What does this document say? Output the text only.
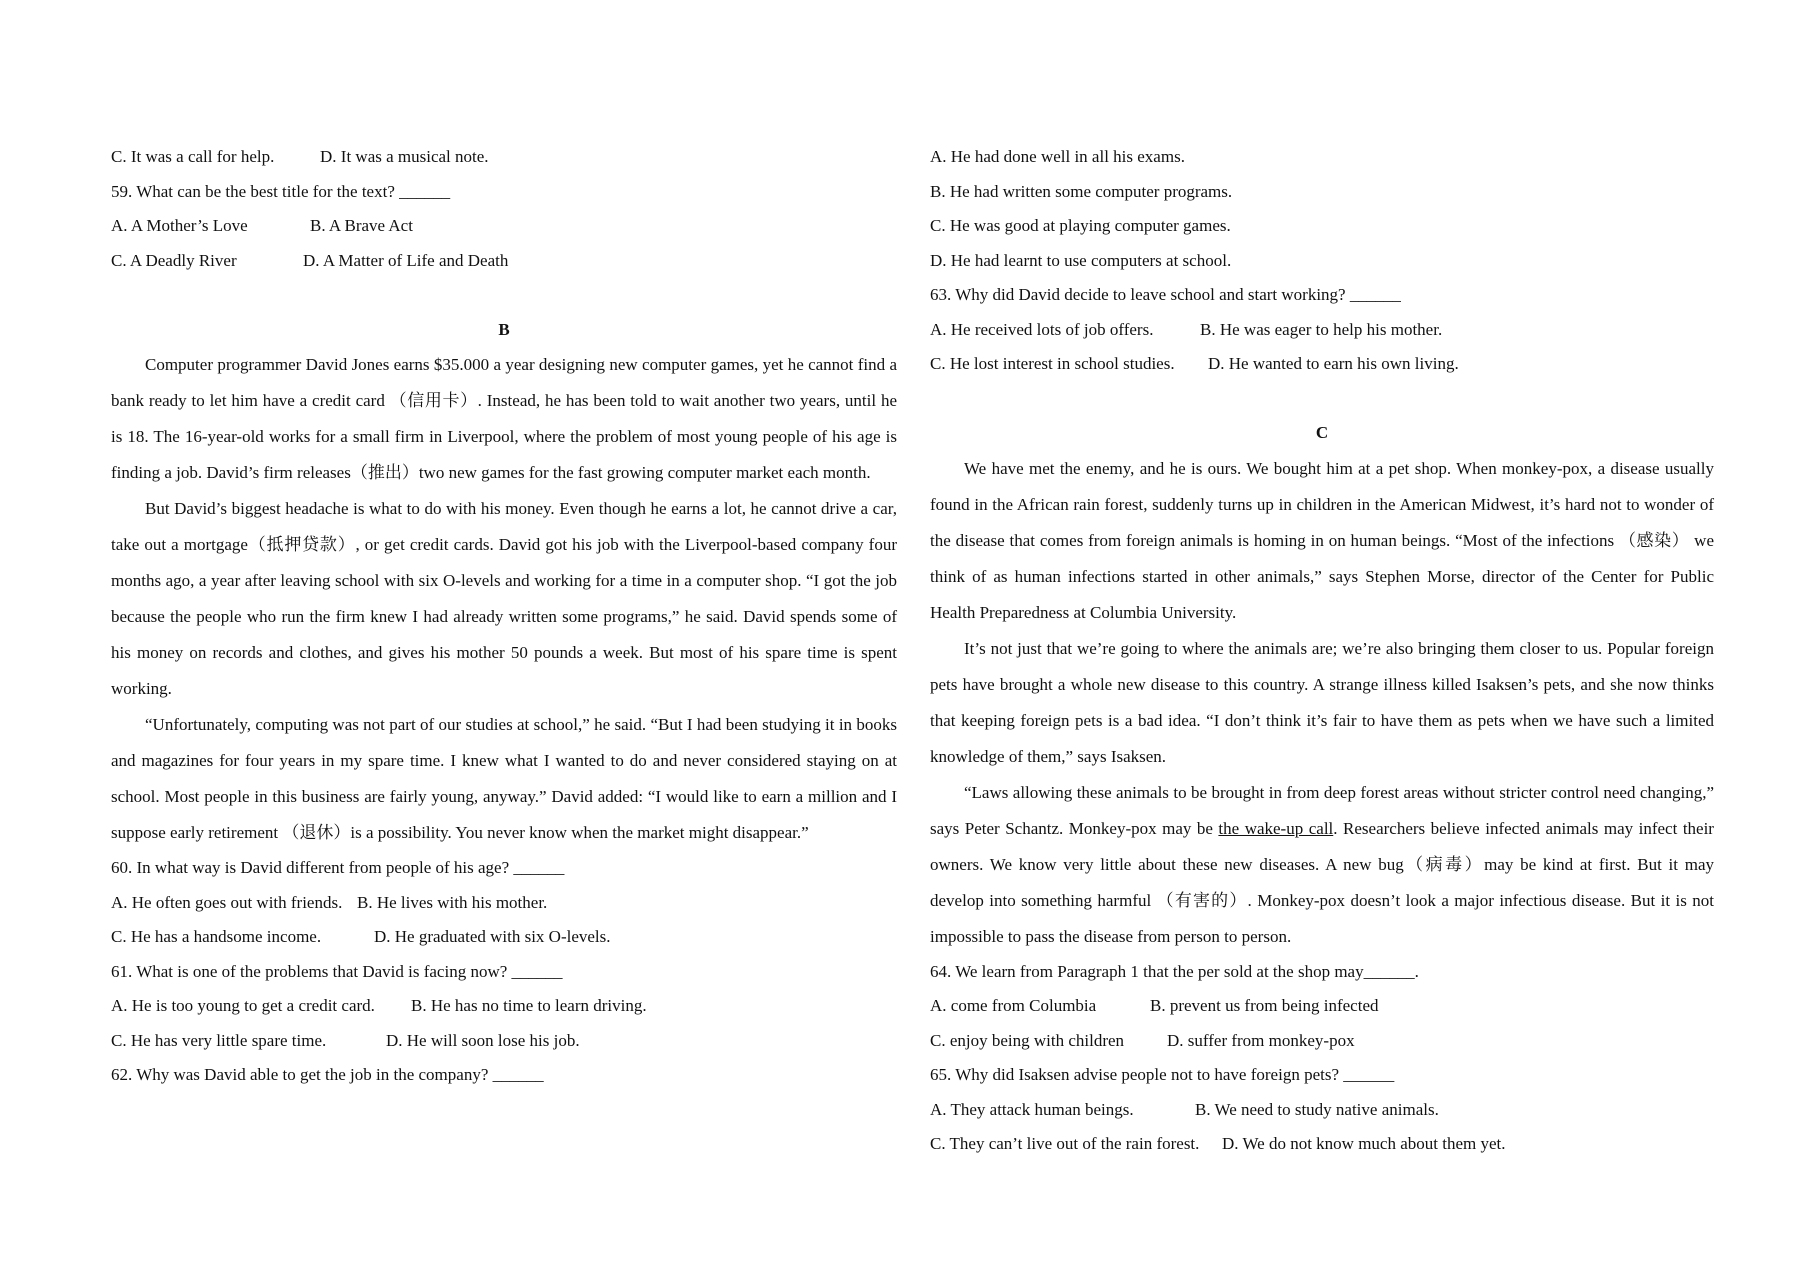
C. It was a call for help.	D. It was a musical note.
59. What can be the best title for the text? ______
A. A Mother’s Love	B. A Brave Act
C. A Deadly River	D. A Matter of Life and Death
B
Computer programmer David Jones earns $35.000 a year designing new computer games, yet he cannot find a bank ready to let him have a credit card （信用卡）. Instead, he has been told to wait another two years, until he is 18. The 16-year-old works for a small firm in Liverpool, where the problem of most young people of his age is finding a job. David’s firm releases（推出）two new games for the fast growing computer market each month.
But David’s biggest headache is what to do with his money. Even though he earns a lot, he cannot drive a car, take out a mortgage（抵押贷款）, or get credit cards. David got his job with the Liverpool-based company four months ago, a year after leaving school with six O-levels and working for a time in a computer shop. “I got the job because the people who run the firm knew I had already written some programs,” he said. David spends some of his money on records and clothes, and gives his mother 50 pounds a week. But most of his spare time is spent working.
“Unfortunately, computing was not part of our studies at school,” he said. “But I had been studying it in books and magazines for four years in my spare time. I knew what I wanted to do and never considered staying on at school. Most people in this business are fairly young, anyway.” David added: “I would like to earn a million and I suppose early retirement （退休）is a possibility. You never know when the market might disappear.”
60. In what way is David different from people of his age? ______
A. He often goes out with friends. B. He lives with his mother.
C. He has a handsome income.	D. He graduated with six O-levels.
61. What is one of the problems that David is facing now? ______
A. He is too young to get a credit card.	B. He has no time to learn driving.
C. He has very little spare time.	D. He will soon lose his job.
62. Why was David able to get the job in the company? ______
A. He had done well in all his exams.
B. He had written some computer programs.
C. He was good at playing computer games.
D. He had learnt to use computers at school.
63. Why did David decide to leave school and start working? ______
A. He received lots of job offers.	B. He was eager to help his mother.
C. He lost interest in school studies.	D. He wanted to earn his own living.
C
We have met the enemy, and he is ours. We bought him at a pet shop. When monkey-pox, a disease usually found in the African rain forest, suddenly turns up in children in the American Midwest, it’s hard not to wonder of the disease that comes from foreign animals is homing in on human beings. “Most of the infections （感染） we think of as human infections started in other animals,” says Stephen Morse, director of the Center for Public Health Preparedness at Columbia University.
It’s not just that we’re going to where the animals are; we’re also bringing them closer to us. Popular foreign pets have brought a whole new disease to this country. A strange illness killed Isaksen’s pets, and she now thinks that keeping foreign pets is a bad idea. “I don’t think it’s fair to have them as pets when we have such a limited knowledge of them,” says Isaksen.
“Laws allowing these animals to be brought in from deep forest areas without stricter control need changing,” says Peter Schantz. Monkey-pox may be the wake-up call. Researchers believe infected animals may infect their owners. We know very little about these new diseases. A new bug（病毒）may be kind at first. But it may develop into something harmful （有害的）. Monkey-pox doesn’t look a major infectious disease. But it is not impossible to pass the disease from person to person.
64. We learn from Paragraph 1 that the per sold at the shop may______.
A. come from Columbia	B. prevent us from being infected
C. enjoy being with children	D. suffer from monkey-pox
65. Why did Isaksen advise people not to have foreign pets? ______
A. They attack human beings.	B. We need to study native animals.
C. They can’t live out of the rain forest.	D. We do not know much about them yet.
